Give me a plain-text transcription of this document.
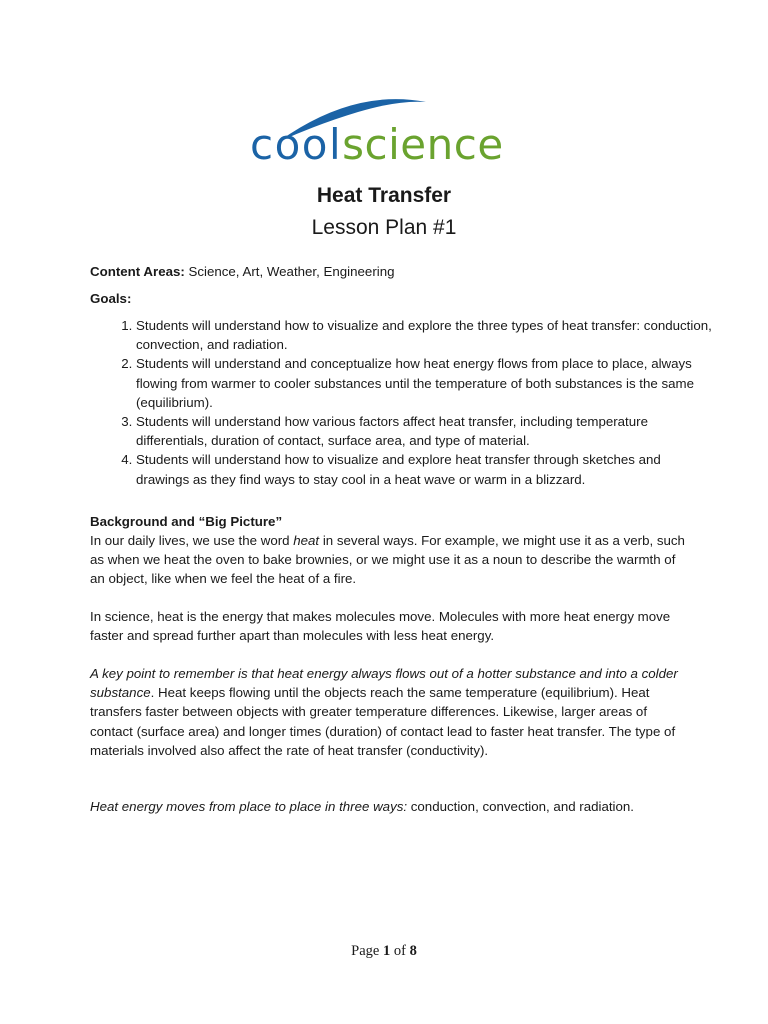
coolscience
Heat Transfer
Lesson Plan #1
Content Areas: Science, Art, Weather, Engineering
Goals:
1. Students will understand how to visualize and explore the three types of heat transfer: conduction, convection, and radiation.
2. Students will understand and conceptualize how heat energy flows from place to place, always flowing from warmer to cooler substances until the temperature of both substances is the same (equilibrium).
3. Students will understand how various factors affect heat transfer, including temperature differentials, duration of contact, surface area, and type of material.
4. Students will understand how to visualize and explore heat transfer through sketches and drawings as they find ways to stay cool in a heat wave or warm in a blizzard.
Background and “Big Picture”

In our daily lives, we use the word heat in several ways. For example, we might use it as a verb, such as when we heat the oven to bake brownies, or we might use it as a noun to describe the warmth of an object, like when we feel the heat of a fire.

In science, heat is the energy that makes molecules move. Molecules with more heat energy move faster and spread further apart than molecules with less heat energy.

A key point to remember is that heat energy always flows out of a hotter substance and into a colder substance. Heat keeps flowing until the objects reach the same temperature (equilibrium). Heat transfers faster between objects with greater temperature differences. Likewise, larger areas of contact (surface area) and longer times (duration) of contact lead to faster heat transfer. The type of materials involved also affect the rate of heat transfer (conductivity).

Heat energy moves from place to place in three ways: conduction, convection, and radiation.

Page 1 of 8
